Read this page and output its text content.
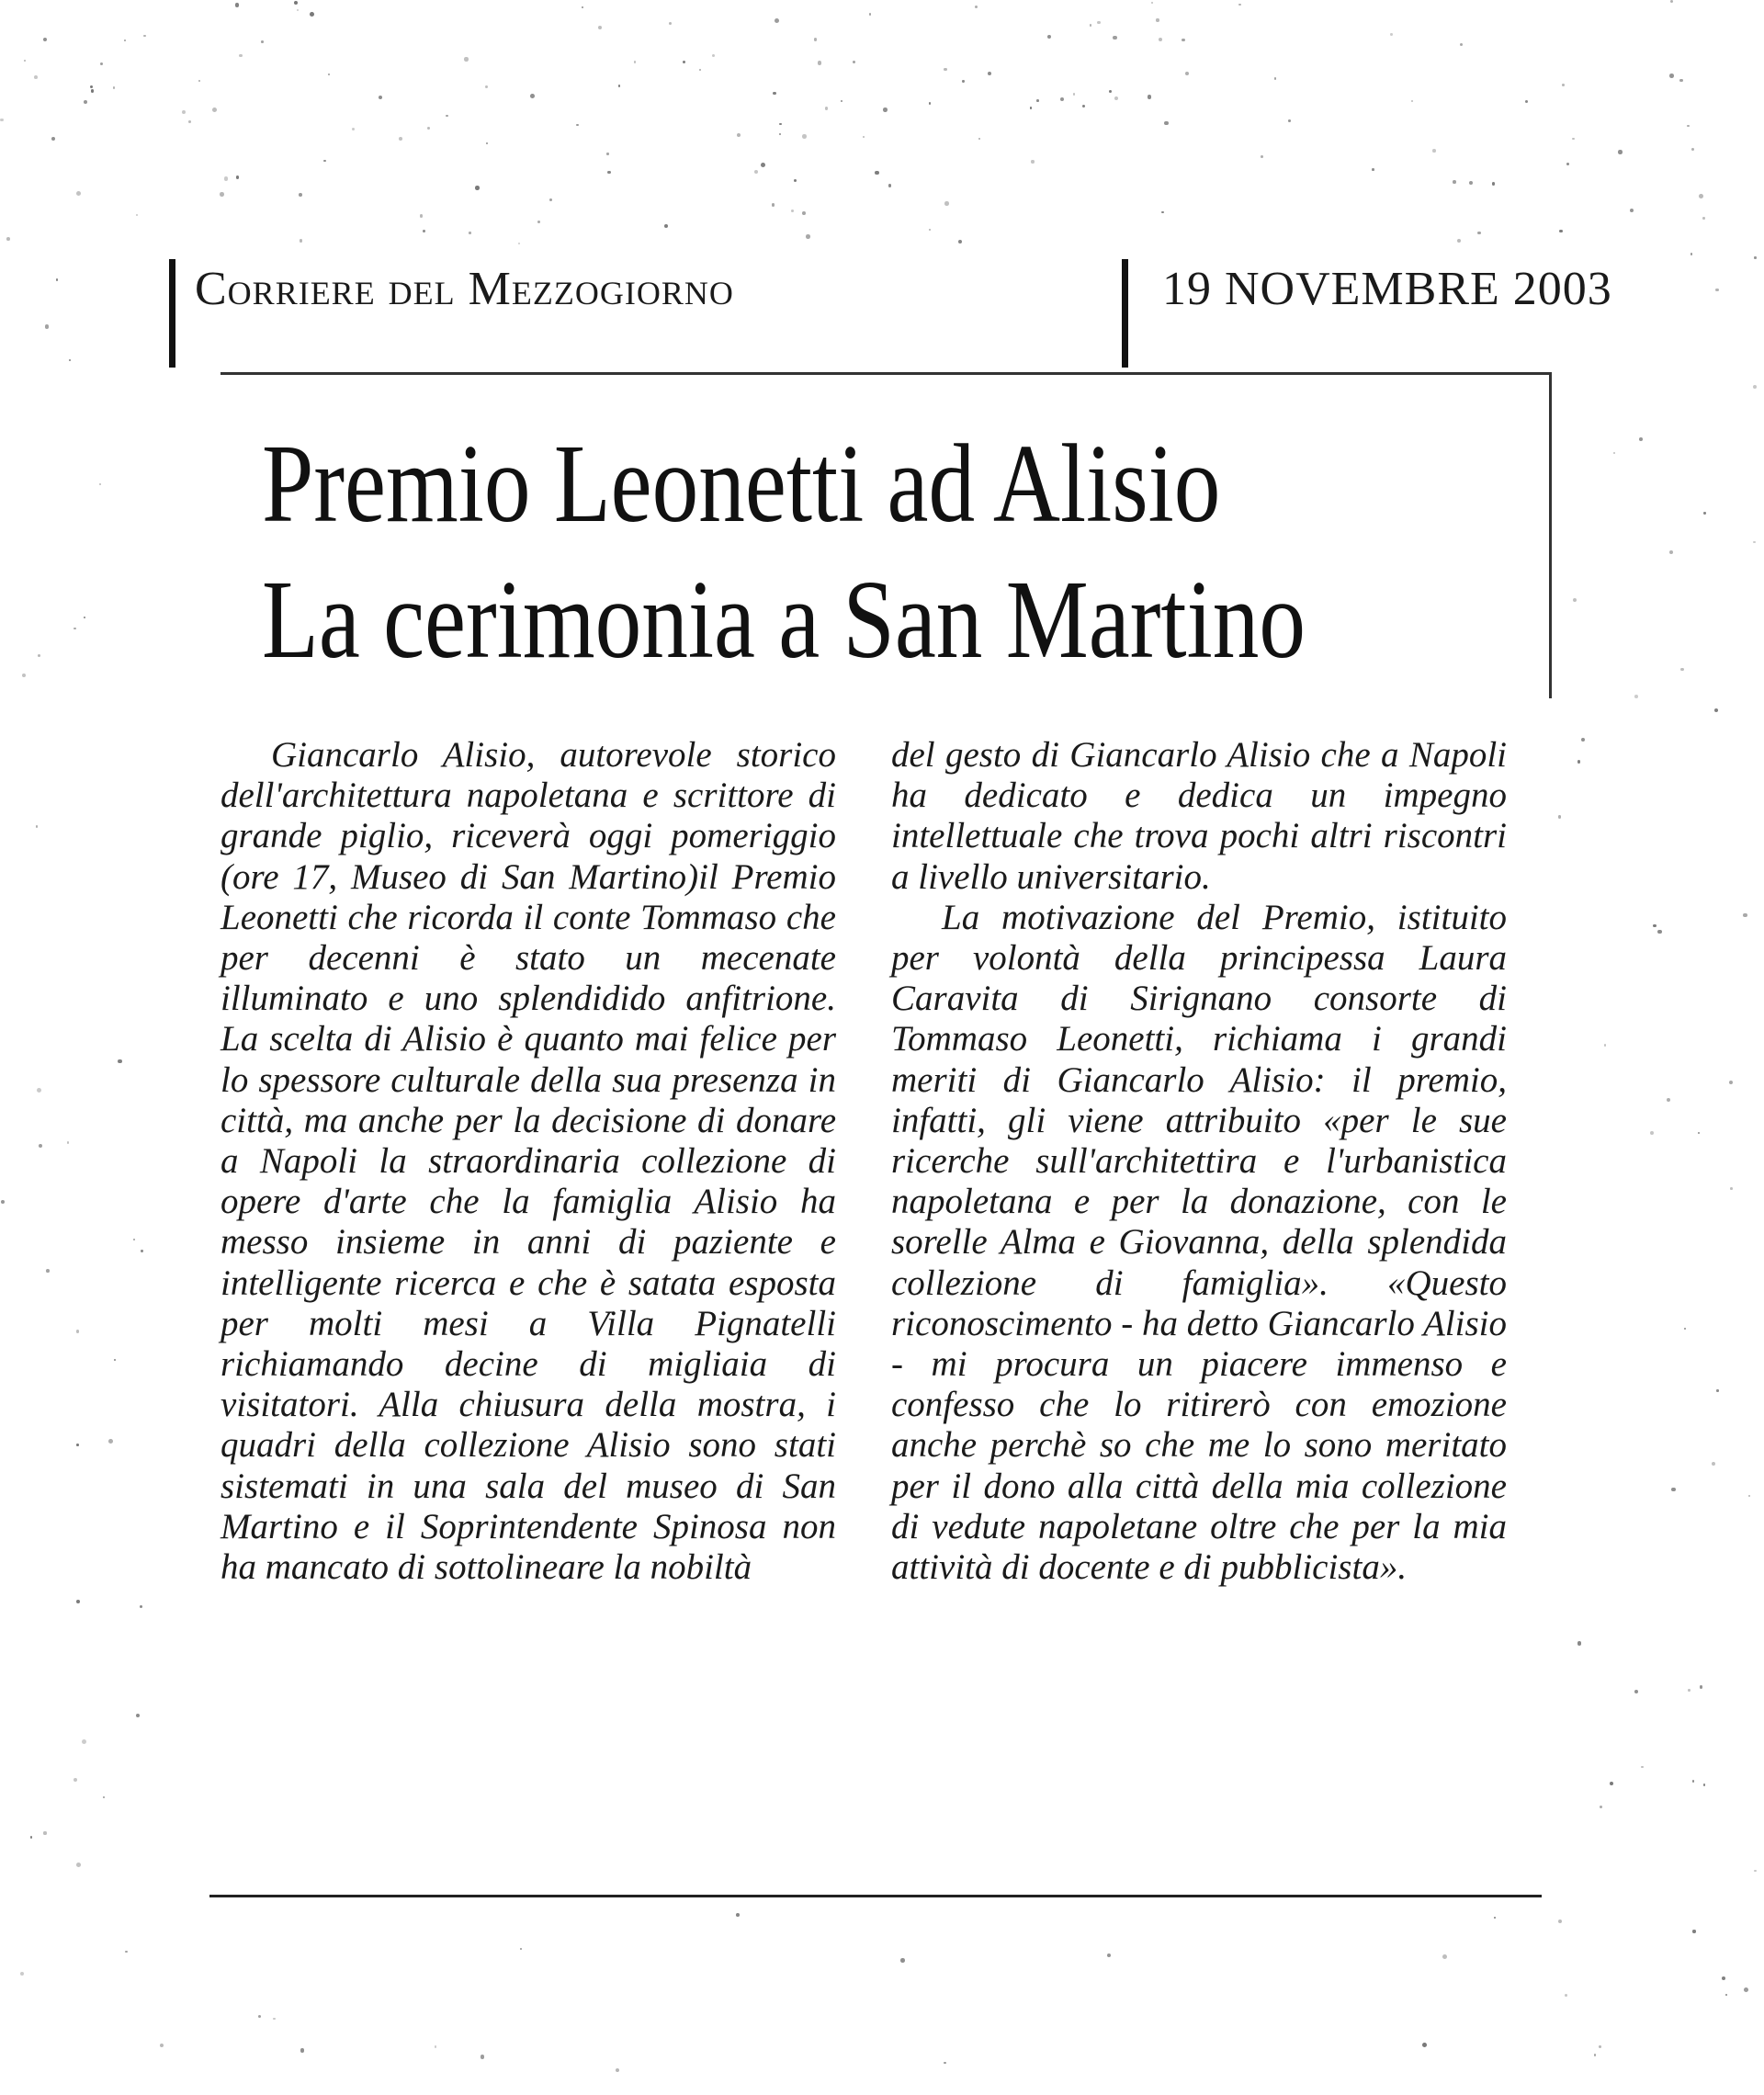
Corriere del Mezzogiorno	19 NOVEMBRE 2003
Premio Leonetti ad Alisio
La cerimonia a San Martino

Giancarlo Alisio, autorevole storico dell'architettura napoletana e scrittore di grande piglio, riceverà oggi pomeriggio (ore 17, Museo di San Martino)il Premio Leonetti che ricorda il conte Tommaso che per decenni è stato un mecenate illuminato e uno splendidido anfitrione. La scelta di Alisio è quanto mai felice per lo spessore culturale della sua presenza in città, ma anche per la decisione di donare a Napoli la straordinaria collezione di opere d'arte che la famiglia Alisio ha messo insieme in anni di paziente e intelligente ricerca e che è satata esposta per molti mesi a Villa Pignatelli richiamando decine di migliaia di visitatori. Alla chiusura della mostra, i quadri della collezione Alisio sono stati sistemati in una sala del museo di San Martino e il Soprintendente Spinosa non ha mancato di sottolineare la nobiltà

del gesto di Giancarlo Alisio che a Napoli ha dedicato e dedica un impegno intellettuale che trova pochi altri riscontri a livello universitario.

La motivazione del Premio, istituito per volontà della principessa Laura Caravita di Sirignano consorte di Tommaso Leonetti, richiama i grandi meriti di Giancarlo Alisio: il premio, infatti, gli viene attribuito «per le sue ricerche sull'architettira e l'urbanistica napoletana e per la donazione, con le sorelle Alma e Giovanna, della splendida collezione di famiglia». «Questo riconoscimento - ha detto Giancarlo Alisio - mi procura un piacere immenso e confesso che lo ritirerò con emozione anche perchè so che me lo sono meritato per il dono alla città della mia collezione di vedute napoletane oltre che per la mia attività di docente e di pubblicista».
